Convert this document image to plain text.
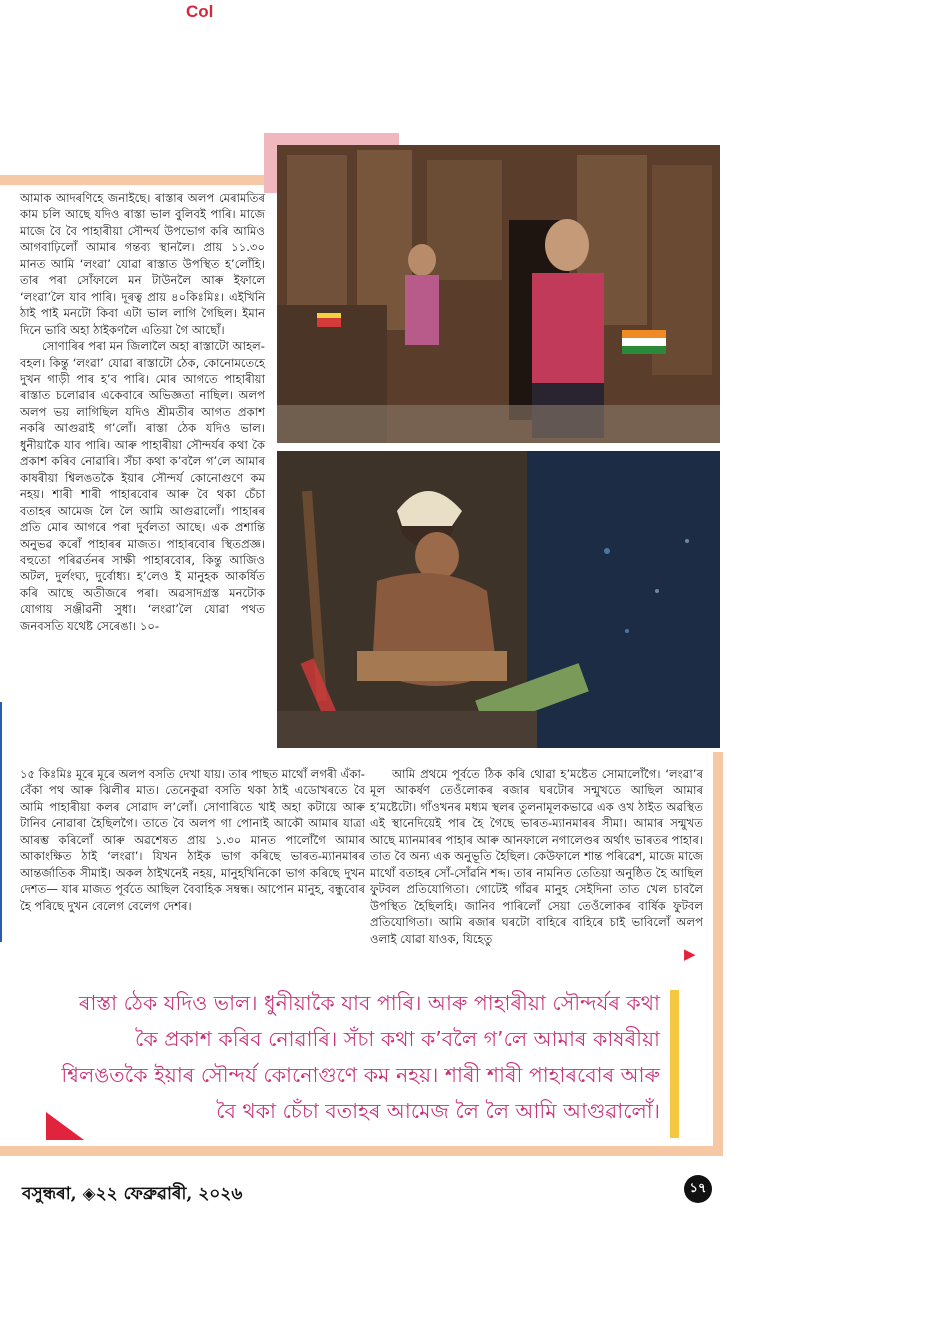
Col

আমাক আদৰণিহে জনাইছে। ৰাস্তাৰ অলপ মেৰামতিৰ কাম চলি আছে যদিও ৰাস্তা ভাল বুলিবই পাৰি। মাজে মাজে বৈ বৈ পাহাৰীয়া সৌন্দৰ্য উপভোগ কৰি আমিও আগবাঢ়িলোঁ আমাৰ গন্তব্য স্থানলৈ। প্ৰায় ১১.৩০ মানত আমি ‘লংৱা’ যোৱা ৰাস্তাত উপস্থিত হ’লোঁহি। তাৰ পৰা সোঁফালে মন টাউনলৈ আৰু ইফালে ‘লংৱা’লৈ যাব পাৰি। দূৰত্ব প্ৰায় ৪০কিঃমিঃ। এইখিনি ঠাই পাই মনটো কিবা এটা ভাল লাগি গৈছিল। ইমান দিনে ভাবি অহা ঠাইকণলৈ এতিয়া গৈ আছোঁ।

সোণাৰিৰ পৰা মন জিলালৈ অহা ৰাস্তাটো আহল-বহল। কিন্তু ‘লংৱা’ যোৱা ৰাস্তাটো ঠেক, কোনোমতেহে দুখন গাড়ী পাৰ হ’ব পাৰি। মোৰ আগতে পাহাৰীয়া ৰাস্তাত চলোৱাৰ একেবাৰে অভিজ্ঞতা নাছিল। অলপ অলপ ভয় লাগিছিল যদিও শ্ৰীমতীৰ আগত প্ৰকাশ নকৰি আগুৱাই গ’লোঁ। ৰাস্তা ঠেক যদিও ভাল। ধুনীয়াকৈ যাব পাৰি। আৰু পাহাৰীয়া সৌন্দৰ্যৰ কথা কৈ প্ৰকাশ কৰিব নোৱাৰি। সঁচা কথা ক’বলৈ গ’লে আমাৰ কাষৰীয়া শ্বিলঙতকৈ ইয়াৰ সৌন্দৰ্য কোনোগুণে কম নহয়। শাৰী শাৰী পাহাৰবোৰ আৰু বৈ থকা চেঁচা বতাহৰ আমেজ লৈ লৈ আমি আগুৱালোঁ। পাহাৰৰ প্ৰতি মোৰ আগৰে পৰা দুৰ্বলতা আছে। এক প্ৰশান্তি অনুভৱ কৰোঁ পাহাৰৰ মাজত। পাহাৰবোৰ স্থিতপ্ৰজ্ঞ। বহুতো পৰিৱৰ্তনৰ সাক্ষী পাহাৰবোৰ, কিন্তু আজিও অটল, দুৰ্লংঘ্য, দুৰ্বোধ্য। হ’লেও ই মানুহক আকৰ্ষিত কৰি আছে অতীজৰে পৰা। অৱসাদগ্ৰস্ত মনটোক যোগায় সঞ্জীৱনী সুধা। ‘লংৱা’লৈ যোৱা পথত জনবসতি যথেষ্ট সেৰেঙা। ১০-

১৫ কিঃমিঃ মূৰে মূৰে অলপ বসতি দেখা যায়। তাৰ পাছত মাথোঁ লগৰী এঁকা-বেঁকা পথ আৰু ঝিলীৰ মাত। তেনেকুৱা বসতি থকা ঠাই এডোখৰতে বৈ আমি পাহাৰীয়া কলৰ সোৱাদ ল’লোঁ। সোণাৰিতে খাই অহা কটায়ে আৰু টানিব নোৱাৰা হৈছিলগৈ। তাতে বৈ অলপ গা পোনাই আকৌ আমাৰ যাত্ৰা আৰম্ভ কৰিলোঁ আৰু অৱশেষত প্ৰায় ১.৩০ মানত পালোঁগৈ আমাৰ আকাংক্ষিত ঠাই ‘লংৱা’। যিখন ঠাইক ভাগ কৰিছে ভাৰত-ম্যানমাৰৰ আন্তৰ্জাতিক সীমাই। অকল ঠাইখনেই নহয়, মানুহখিনিকো ভাগ কৰিছে দুখন দেশত— যাৰ মাজত পূৰ্বতে আছিল বৈবাহিক সম্বন্ধ। আপোন মানুহ, বন্ধুবোৰ হৈ পৰিছে দুখন বেলেগ বেলেগ দেশৰ।

আমি প্ৰথমে পূৰ্বতে ঠিক কৰি থোৱা হ’মষ্টেত সোমালোঁগৈ। ‘লংৱা’ৰ মূল আকৰ্ষণ তেওঁলোকৰ ৰজাৰ ঘৰটোৰ সন্মুখতে আছিল আমাৰ হ’মষ্টেটো। গাঁওখনৰ মধ্যম স্থলৰ তুলনামূলকভাৱে এক ওখ ঠাইত অৱস্থিত এই স্থানেদিয়েই পাৰ হৈ গৈছে ভাৰত-ম্যানমাৰৰ সীমা। আমাৰ সন্মুখত আছে ম্যানমাৰৰ পাহাৰ আৰু আনফালে নগালেণ্ডৰ অৰ্থাৎ ভাৰতৰ পাহাৰ। তাত বৈ অন্য এক অনুভূতি হৈছিল। কেউফালে শান্ত পৰিৱেশ, মাজে মাজে মাথোঁ বতাহৰ সোঁ-সোঁৱনি শব্দ। তাৰ নামনিত তেতিয়া অনুষ্ঠিত হৈ আছিল ফুটবল প্ৰতিযোগিতা। গোটেই গাঁৱৰ মানুহ সেইদিনা তাত খেল চাবলৈ উপস্থিত হৈছিলহি। জানিব পাৰিলোঁ সেয়া তেওঁলোকৰ বাৰ্ষিক ফুটবল প্ৰতিযোগিতা। আমি ৰজাৰ ঘৰটো বাহিৰে বাহিৰে চাই ভাবিলোঁ অলপ ওলাই যোৱা যাওক, যিহেতু

▶
ৰাস্তা ঠেক যদিও ভাল। ধুনীয়াকৈ যাব পাৰি। আৰু পাহাৰীয়া সৌন্দৰ্যৰ কথা কৈ প্ৰকাশ কৰিব নোৱাৰি। সঁচা কথা ক’বলৈ গ’লে আমাৰ কাষৰীয়া শ্বিলঙতকৈ ইয়াৰ সৌন্দৰ্য কোনোগুণে কম নহয়। শাৰী শাৰী পাহাৰবোৰ আৰু বৈ থকা চেঁচা বতাহৰ আমেজ লৈ লৈ আমি আগুৱালোঁ।
বসুন্ধৰা, ◈২২ ফেব্ৰুৱাৰী, ২০২৬	১৭
